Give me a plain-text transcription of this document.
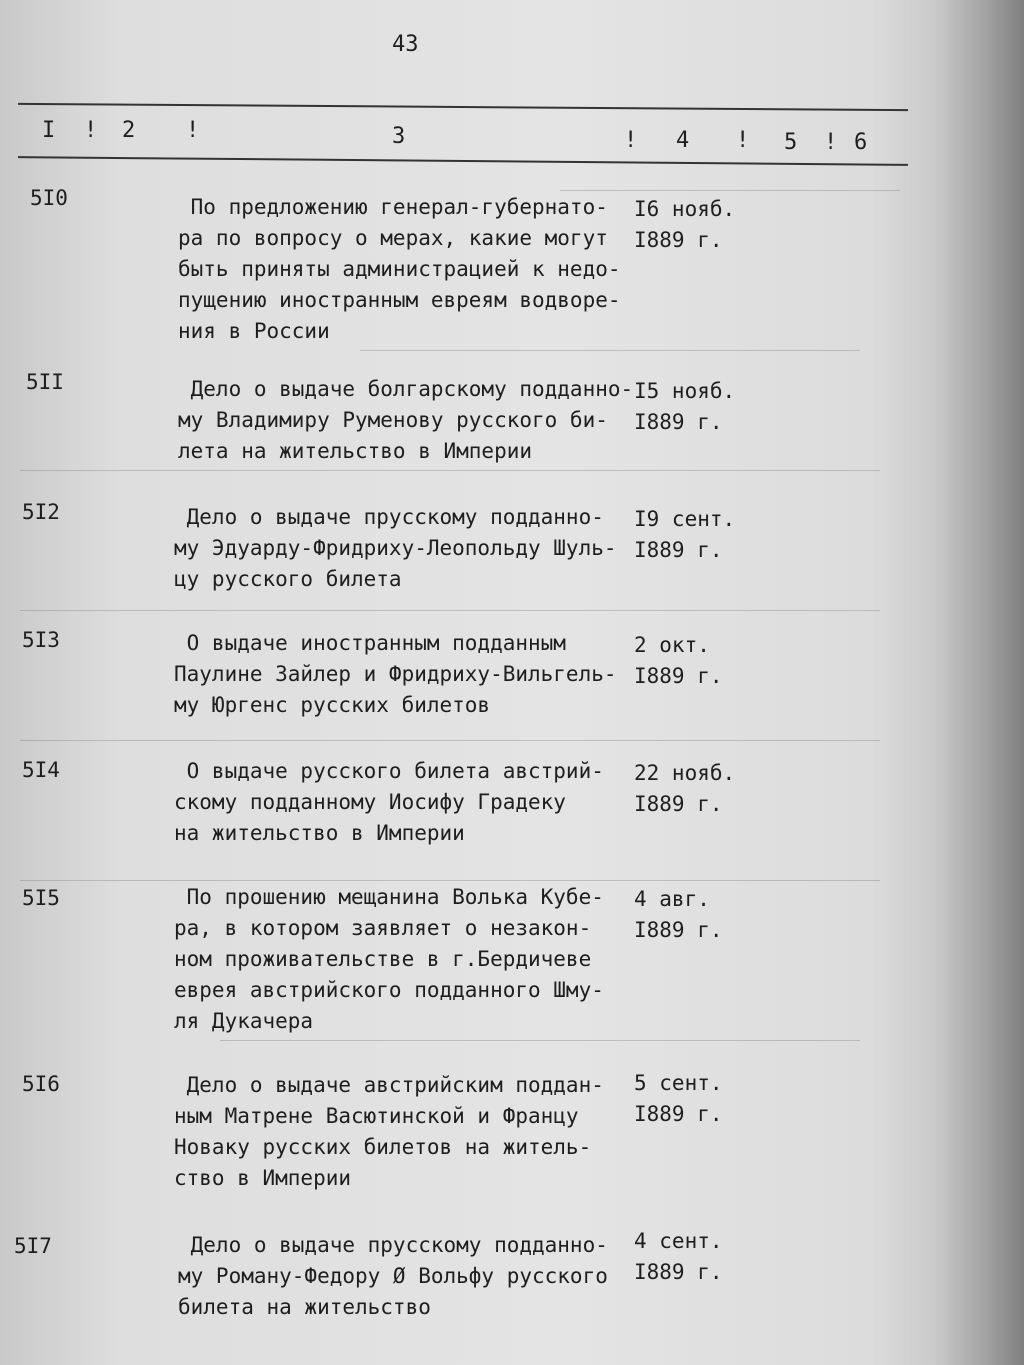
43
I ! 2 !	3	! 4 ! 5 ! 6
5I0	По предложению генерал-губернато-
ра по вопросу о мерах, какие могут
быть приняты администрацией к недо-
пущению иностранным евреям водворе-
ния в России
I6 нояб.
I889 г.
5II	Дело о выдаче болгарскому подданно-
му Владимиру Руменову русского би-
лета на жительство в Империи
I5 нояб.
I889 г.
5I2	Дело о выдаче прусскому подданно-
му Эдуарду-Фридриху-Леопольду Шуль-
цу русского билета
I9 сент.
I889 г.
5I3	О выдаче иностранным подданным
Паулине Зайлер и Фридриху-Вильгель-
му Юргенс русских билетов
2 окт.
I889 г.
5I4	О выдаче русского билета австрий-
скому подданному Иосифу Градеку
на жительство в Империи
22 нояб.
I889 г.
5I5	По прошению мещанина Волька Кубе-
ра, в котором заявляет о незакон-
ном проживательстве в г.Бердичеве
еврея австрийского подданного Шму-
ля Дукачера
4 авг.
I889 г.
5I6	Дело о выдаче австрийским поддан-
ным Матрене Васютинской и Францу
Новаку русских билетов на житель-
ство в Империи
5 сент.
I889 г.
5I7	Дело о выдаче прусскому подданно-
му Роману-Федору Ø Вольфу русского
билета на жительство
4 сент.
I889 г.
